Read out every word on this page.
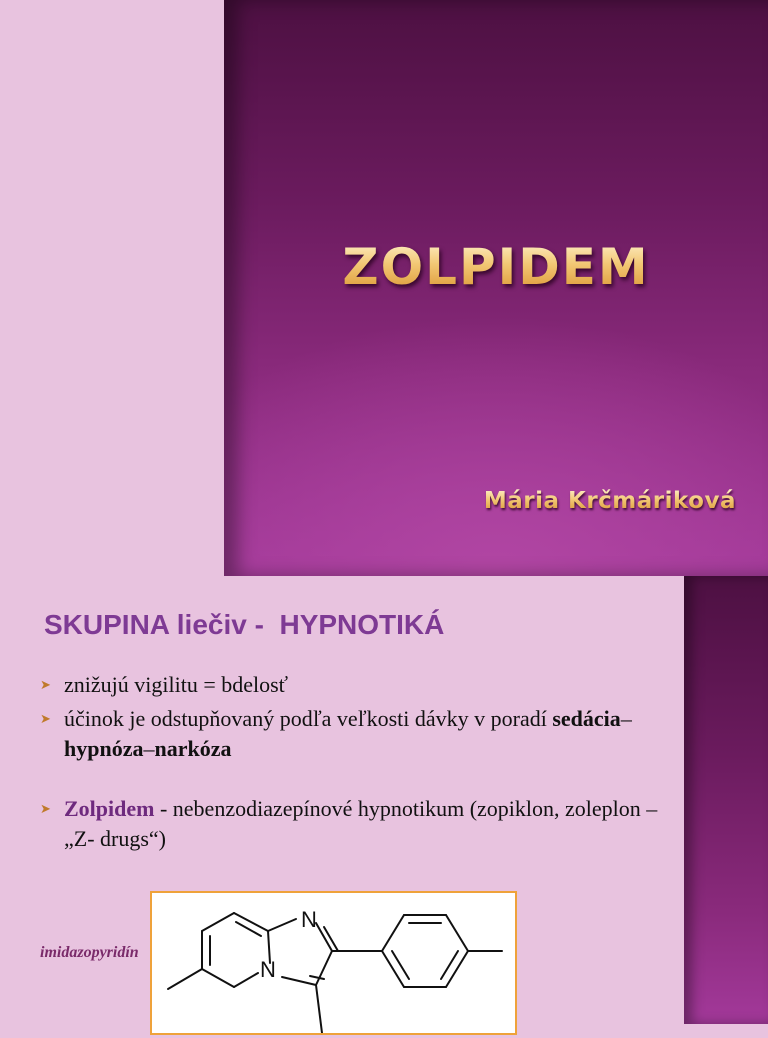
ZOLPIDEM
Mária Krčmáriková
SKUPINA liečiv -  HYPNOTIKÁ
➤ znižujú vigilitu = bdelosť
➤ účinok je odstupňovaný podľa veľkosti dávky v poradí sedácia–hypnóza–narkóza
➤ Zolpidem - nebenzodiazepínové hypnotikum (zopiklon, zoleplon – „Z- drugs“)
N
N
imidazopyridín
